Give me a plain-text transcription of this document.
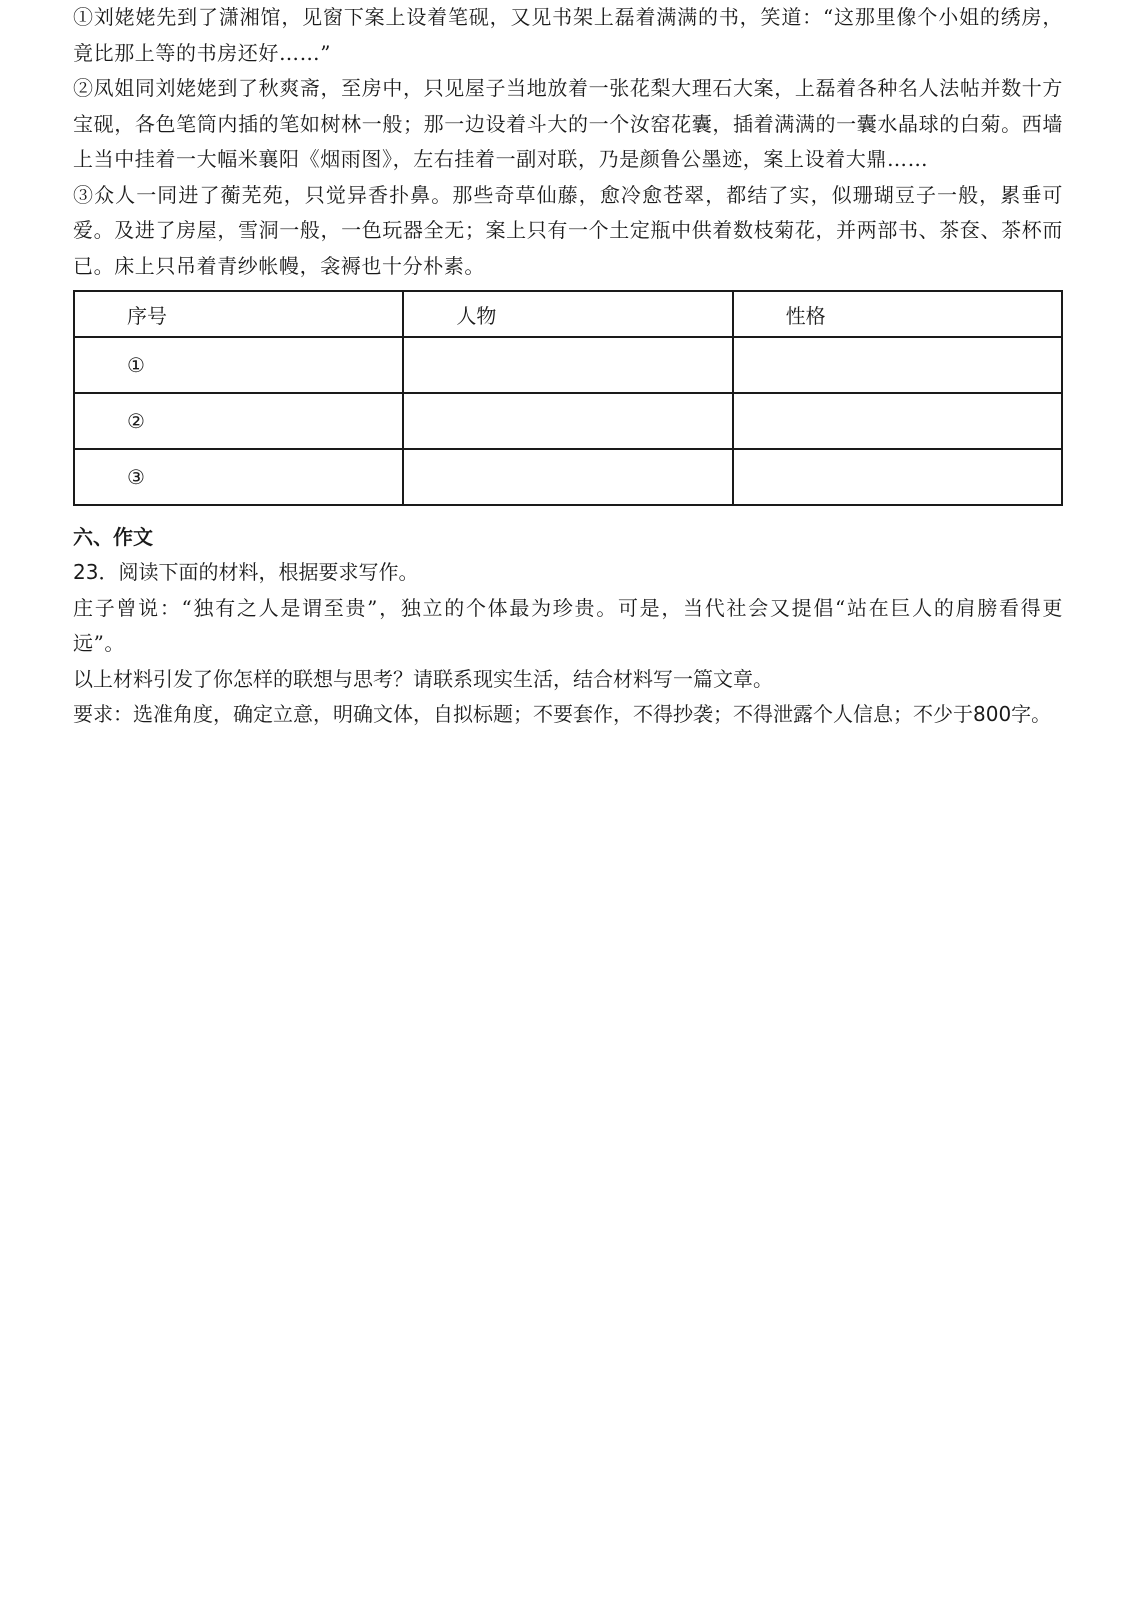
①刘姥姥先到了潇湘馆，见窗下案上设着笔砚，又见书架上磊着满满的书，笑道：“这那里像个小姐的绣房，竟比那上等的书房还好……”

②凤姐同刘姥姥到了秋爽斋，至房中，只见屋子当地放着一张花梨大理石大案，上磊着各种名人法帖并数十方宝砚，各色笔筒内插的笔如树林一般；那一边设着斗大的一个汝窑花囊，插着满满的一囊水晶球的白菊。西墙上当中挂着一大幅米襄阳《烟雨图》，左右挂着一副对联，乃是颜鲁公墨迹，案上设着大鼎……

③众人一同进了蘅芜苑，只觉异香扑鼻。那些奇草仙藤，愈冷愈苍翠，都结了实，似珊瑚豆子一般，累垂可爱。及进了房屋，雪洞一般，一色玩器全无；案上只有一个土定瓶中供着数枝菊花，并两部书、茶奁、茶杯而已。床上只吊着青纱帐幔，衾褥也十分朴素。

序号	人物	性格
①		
②		
③		
六、作文

23．阅读下面的材料，根据要求写作。

庄子曾说：“独有之人是谓至贵”，独立的个体最为珍贵。可是，当代社会又提倡“站在巨人的肩膀看得更远”。

以上材料引发了你怎样的联想与思考？请联系现实生活，结合材料写一篇文章。

要求：选准角度，确定立意，明确文体，自拟标题；不要套作，不得抄袭；不得泄露个人信息；不少于800字。
